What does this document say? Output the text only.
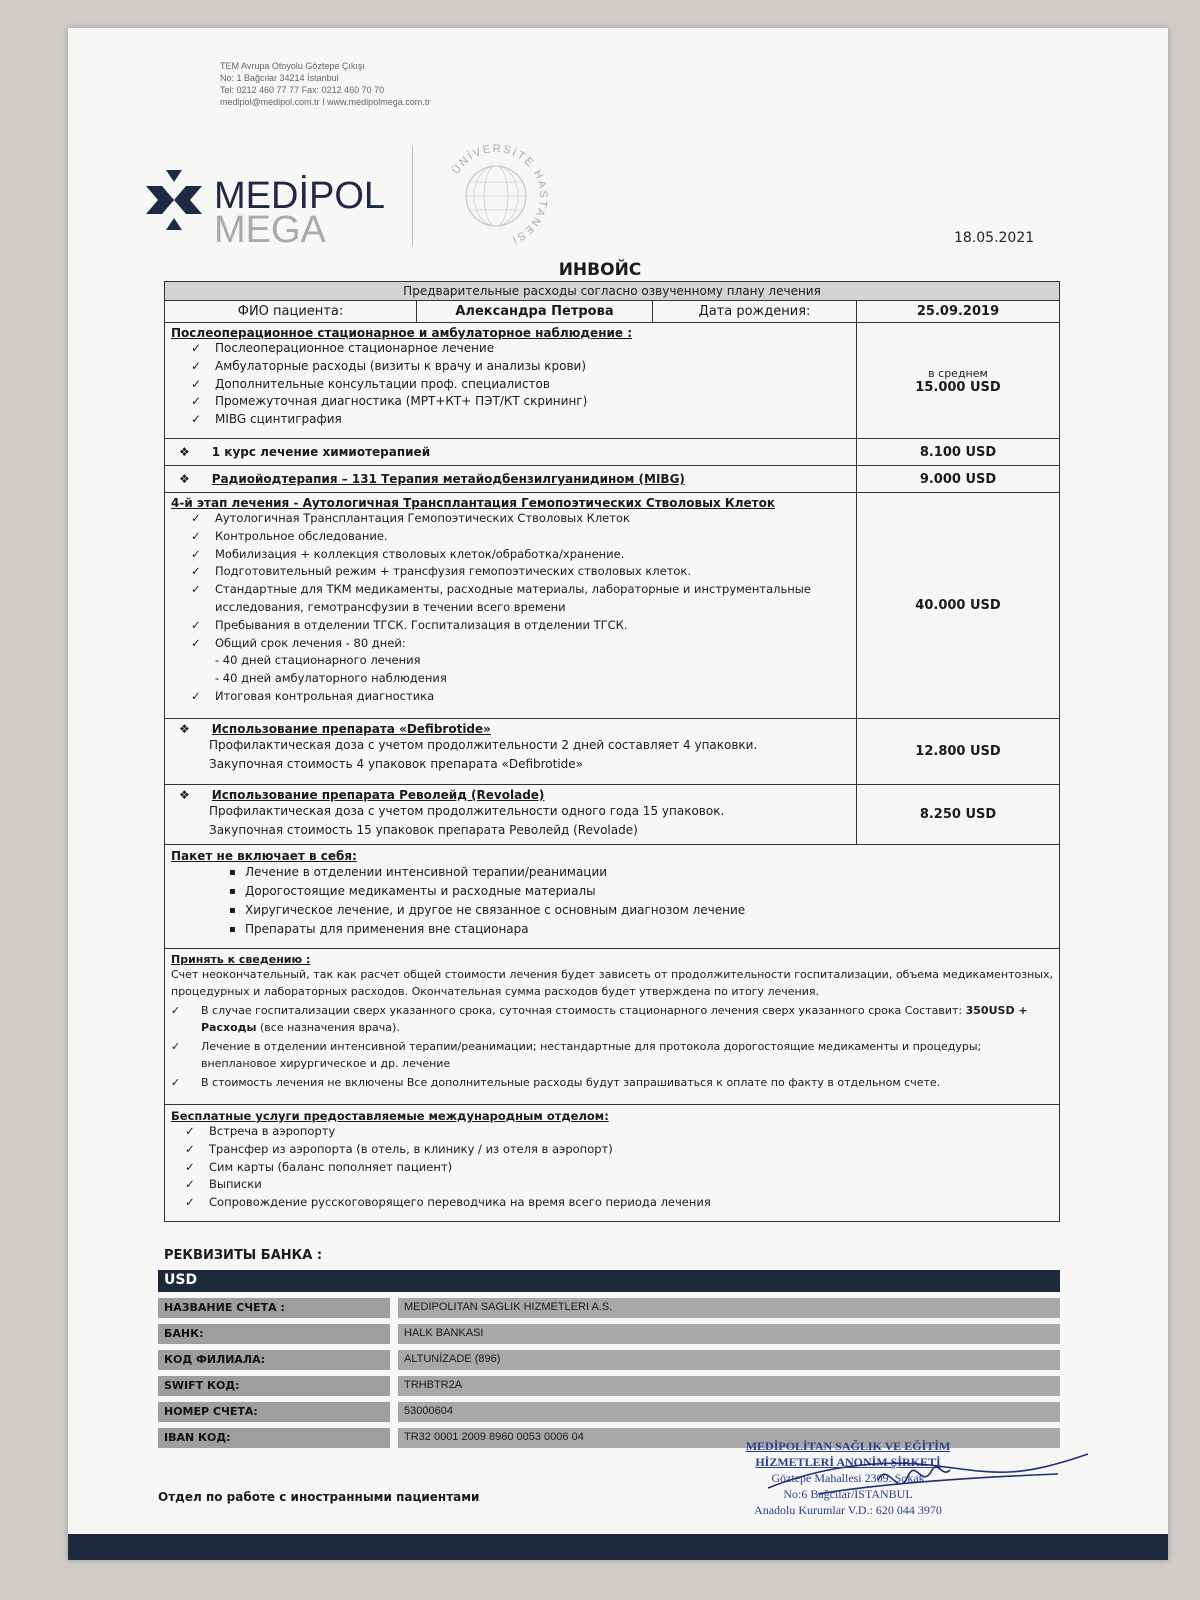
TEM Avrupa Otoyolu Göztepe Çıkışı
No: 1 Bağcılar 34214 İstanbul
Tel: 0212 460 77 77 Fax: 0212 460 70 70
medipol@medipol.com.tr I www.medipolmega.com.tr
MEDİPOL
MEGA
ÜNİVERSİTE HASTANESİ	18.05.2021
ИНВОЙС
Предварительные расходы согласно озвученному плану лечения
ФИО пациента:	Александра Петрова	Дата рождения:	25.09.2019
Послеоперационное стационарное и амбулаторное наблюдение :
✓ Послеоперационное стационарное лечение
✓ Амбулаторные расходы (визиты к врачу и анализы крови)
✓ Дополнительные консультации проф. специалистов
✓ Промежуточная диагностика (МРТ+КТ+ ПЭТ/КТ скрининг)
✓ MIBG сцинтиграфия
в среднем
15.000 USD
❖ 1 курс лечение химиотерапией	8.100 USD
❖ Радиойодтерапия – 131 Терапия метайодбензилгуанидином (MIBG)	9.000 USD
4-й этап лечения - Аутологичная Трансплантация Гемопоэтических Стволовых Клеток
✓ Аутологичная Трансплантация Гемопоэтических Стволовых Клеток
✓ Контрольное обследование.
✓ Мобилизация + коллекция стволовых клеток/обработка/хранение.
✓ Подготовительный режим + трансфузия гемопоэтических стволовых клеток.
✓ Стандартные для ТКМ медикаменты, расходные материалы, лабораторные и инструментальные исследования, гемотрансфузии в течении всего времени
✓ Пребывания в отделении ТГСК. Госпитализация в отделении ТГСК.
✓ Общий срок лечения - 80 дней:
- 40 дней стационарного лечения
- 40 дней амбулаторного наблюдения
✓ Итоговая контрольная диагностика
40.000 USD
❖ Использование препарата «Defibrotide»
Профилактическая доза с учетом продолжительности 2 дней составляет 4 упаковки.
Закупочная стоимость 4 упаковок препарата «Defibrotide»
12.800 USD
❖ Использование препарата Револейд (Revolade)
Профилактическая доза с учетом продолжительности одного года 15 упаковок.
Закупочная стоимость 15 упаковок препарата Револейд (Revolade)
8.250 USD
Пакет не включает в себя:
▪ Лечение в отделении интенсивной терапии/реанимации
▪ Дорогостоящие медикаменты и расходные материалы
▪ Хиругическое лечение, и другое не связанное с основным диагнозом лечение
▪ Препараты для применения вне стационара
Принять к сведению :
Счет неокончательный, так как расчет общей стоимости лечения будет зависеть от продолжительности госпитализации, объема медикаментозных, процедурных и лабораторных расходов. Окончательная сумма расходов будет утверждена по итогу лечения.
✓ В случае госпитализации сверх указанного срока, суточная стоимость стационарного лечения сверх указанного срока Составит: 350USD + Расходы (все назначения врача).
✓ Лечение в отделении интенсивной терапии/реанимации; нестандартные для протокола дорогостоящие медикаменты и процедуры; внеплановое хирургическое и др. лечение
✓ В стоимость лечения не включены Все дополнительные расходы будут запрашиваться к оплате по факту в отдельном счете.
Бесплатные услуги предоставляемые международным отделом:
✓ Встреча в аэропорту
✓ Трансфер из аэропорта (в отель, в клинику / из отеля в аэропорт)
✓ Сим карты (баланс пополняет пациент)
✓ Выписки
✓ Сопровождение русскоговорящего переводчика на время всего периода лечения
РЕКВИЗИТЫ БАНКА :
USD
НАЗВАНИЕ СЧЕТА :	MEDIPOLITAN SAGLIK HIZMETLERI A.S.
БАНК:	HALK BANKASI
КОД ФИЛИАЛА:	ALTUNİZADE (896)
SWIFT КОД:	TRHBTR2A
НОМЕР СЧЕТА:	53000604
IBAN КОД:	TR32 0001 2009 8960 0053 0006 04
Отдел по работе с иностранными пациентами
MEDİPOLİTAN SAĞLIK VE EĞİTİM
HİZMETLERİ ANONİM ŞİRKETİ
Göztepe Mahallesi 2309. Sokak
No:6 Bağcılar/İSTANBUL
Anadolu Kurumlar V.D.: 620 044 3970
